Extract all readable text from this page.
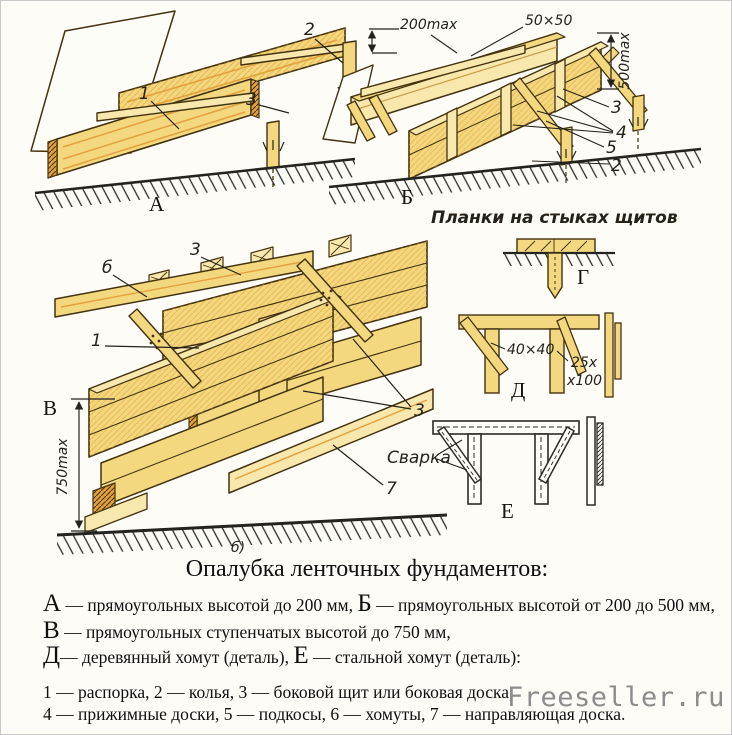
1	3
2	200max
А
50×50
500max
3
4
5
2
Б
3
б
1
3
7
В
750max
б)
Планки на стыках щитов
Г
40×40
25x
x100
Д
Сварка
Е
Опалубка ленточных фундаментов:
А — прямоугольных высотой до 200 мм, Б — прямоугольных высотой от 200 до 500 мм,
В — прямоугольных ступенчатых высотой до 750 мм,
Д— деревянный хомут (деталь), Е — стальной хомут (деталь):
1 — распорка, 2 — колья, 3 — боковой щит или боковая доска,
4 — прижимные доски, 5 — подкосы, 6 — хомуты, 7 — направляющая доска.
Freeseller.ru
